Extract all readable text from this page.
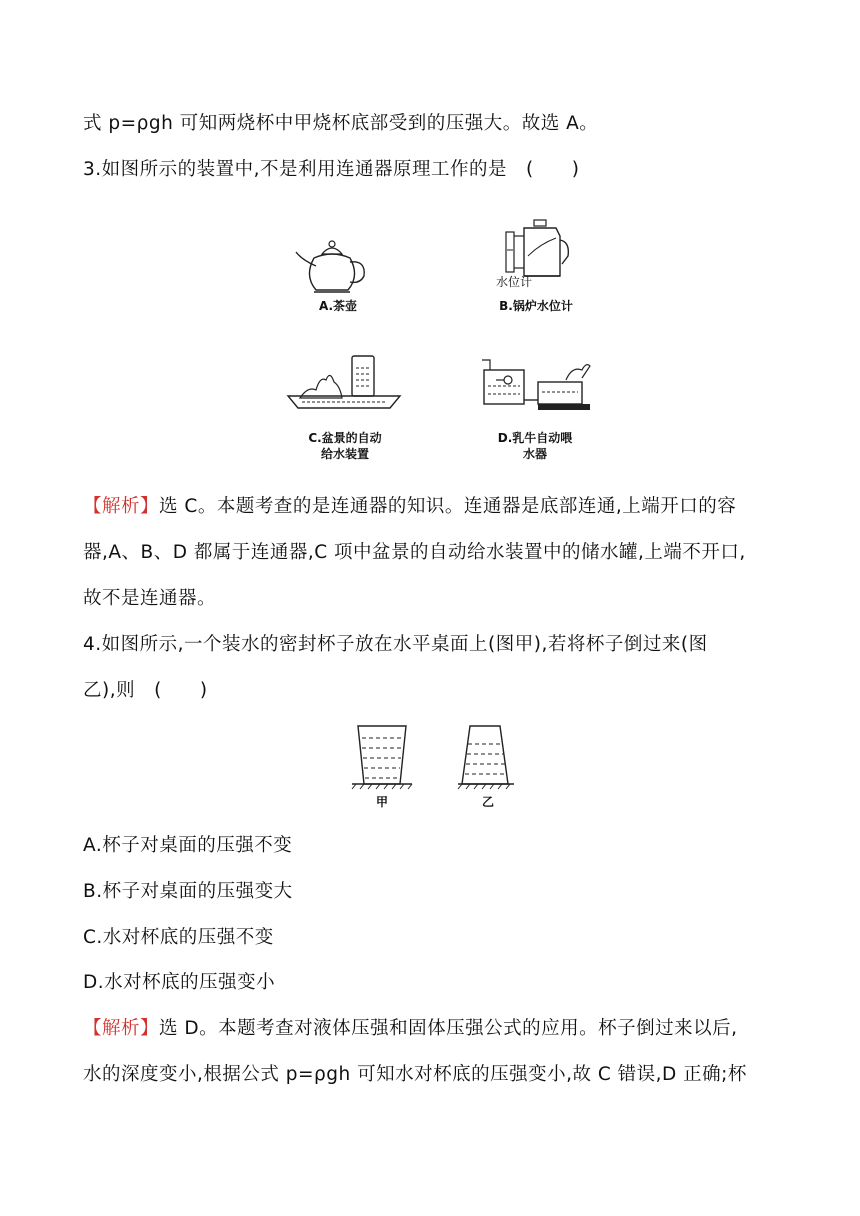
式 p=ρgh 可知两烧杯中甲烧杯底部受到的压强大。故选 A。
3.如图所示的装置中,不是利用连通器原理工作的是　(　　)
A.茶壶
水位计
B.锅炉水位计
C.盆景的自动
给水装置
D.乳牛自动喂
水器
【解析】选 C。本题考查的是连通器的知识。连通器是底部连通,上端开口的容
器,A、B、D 都属于连通器,C 项中盆景的自动给水装置中的储水罐,上端不开口,
故不是连通器。
4.如图所示,一个装水的密封杯子放在水平桌面上(图甲),若将杯子倒过来(图
乙),则　(　　)
甲	乙
A.杯子对桌面的压强不变
B.杯子对桌面的压强变大
C.水对杯底的压强不变
D.水对杯底的压强变小
【解析】选 D。本题考查对液体压强和固体压强公式的应用。杯子倒过来以后,
水的深度变小,根据公式 p=ρgh 可知水对杯底的压强变小,故 C 错误,D 正确;杯
